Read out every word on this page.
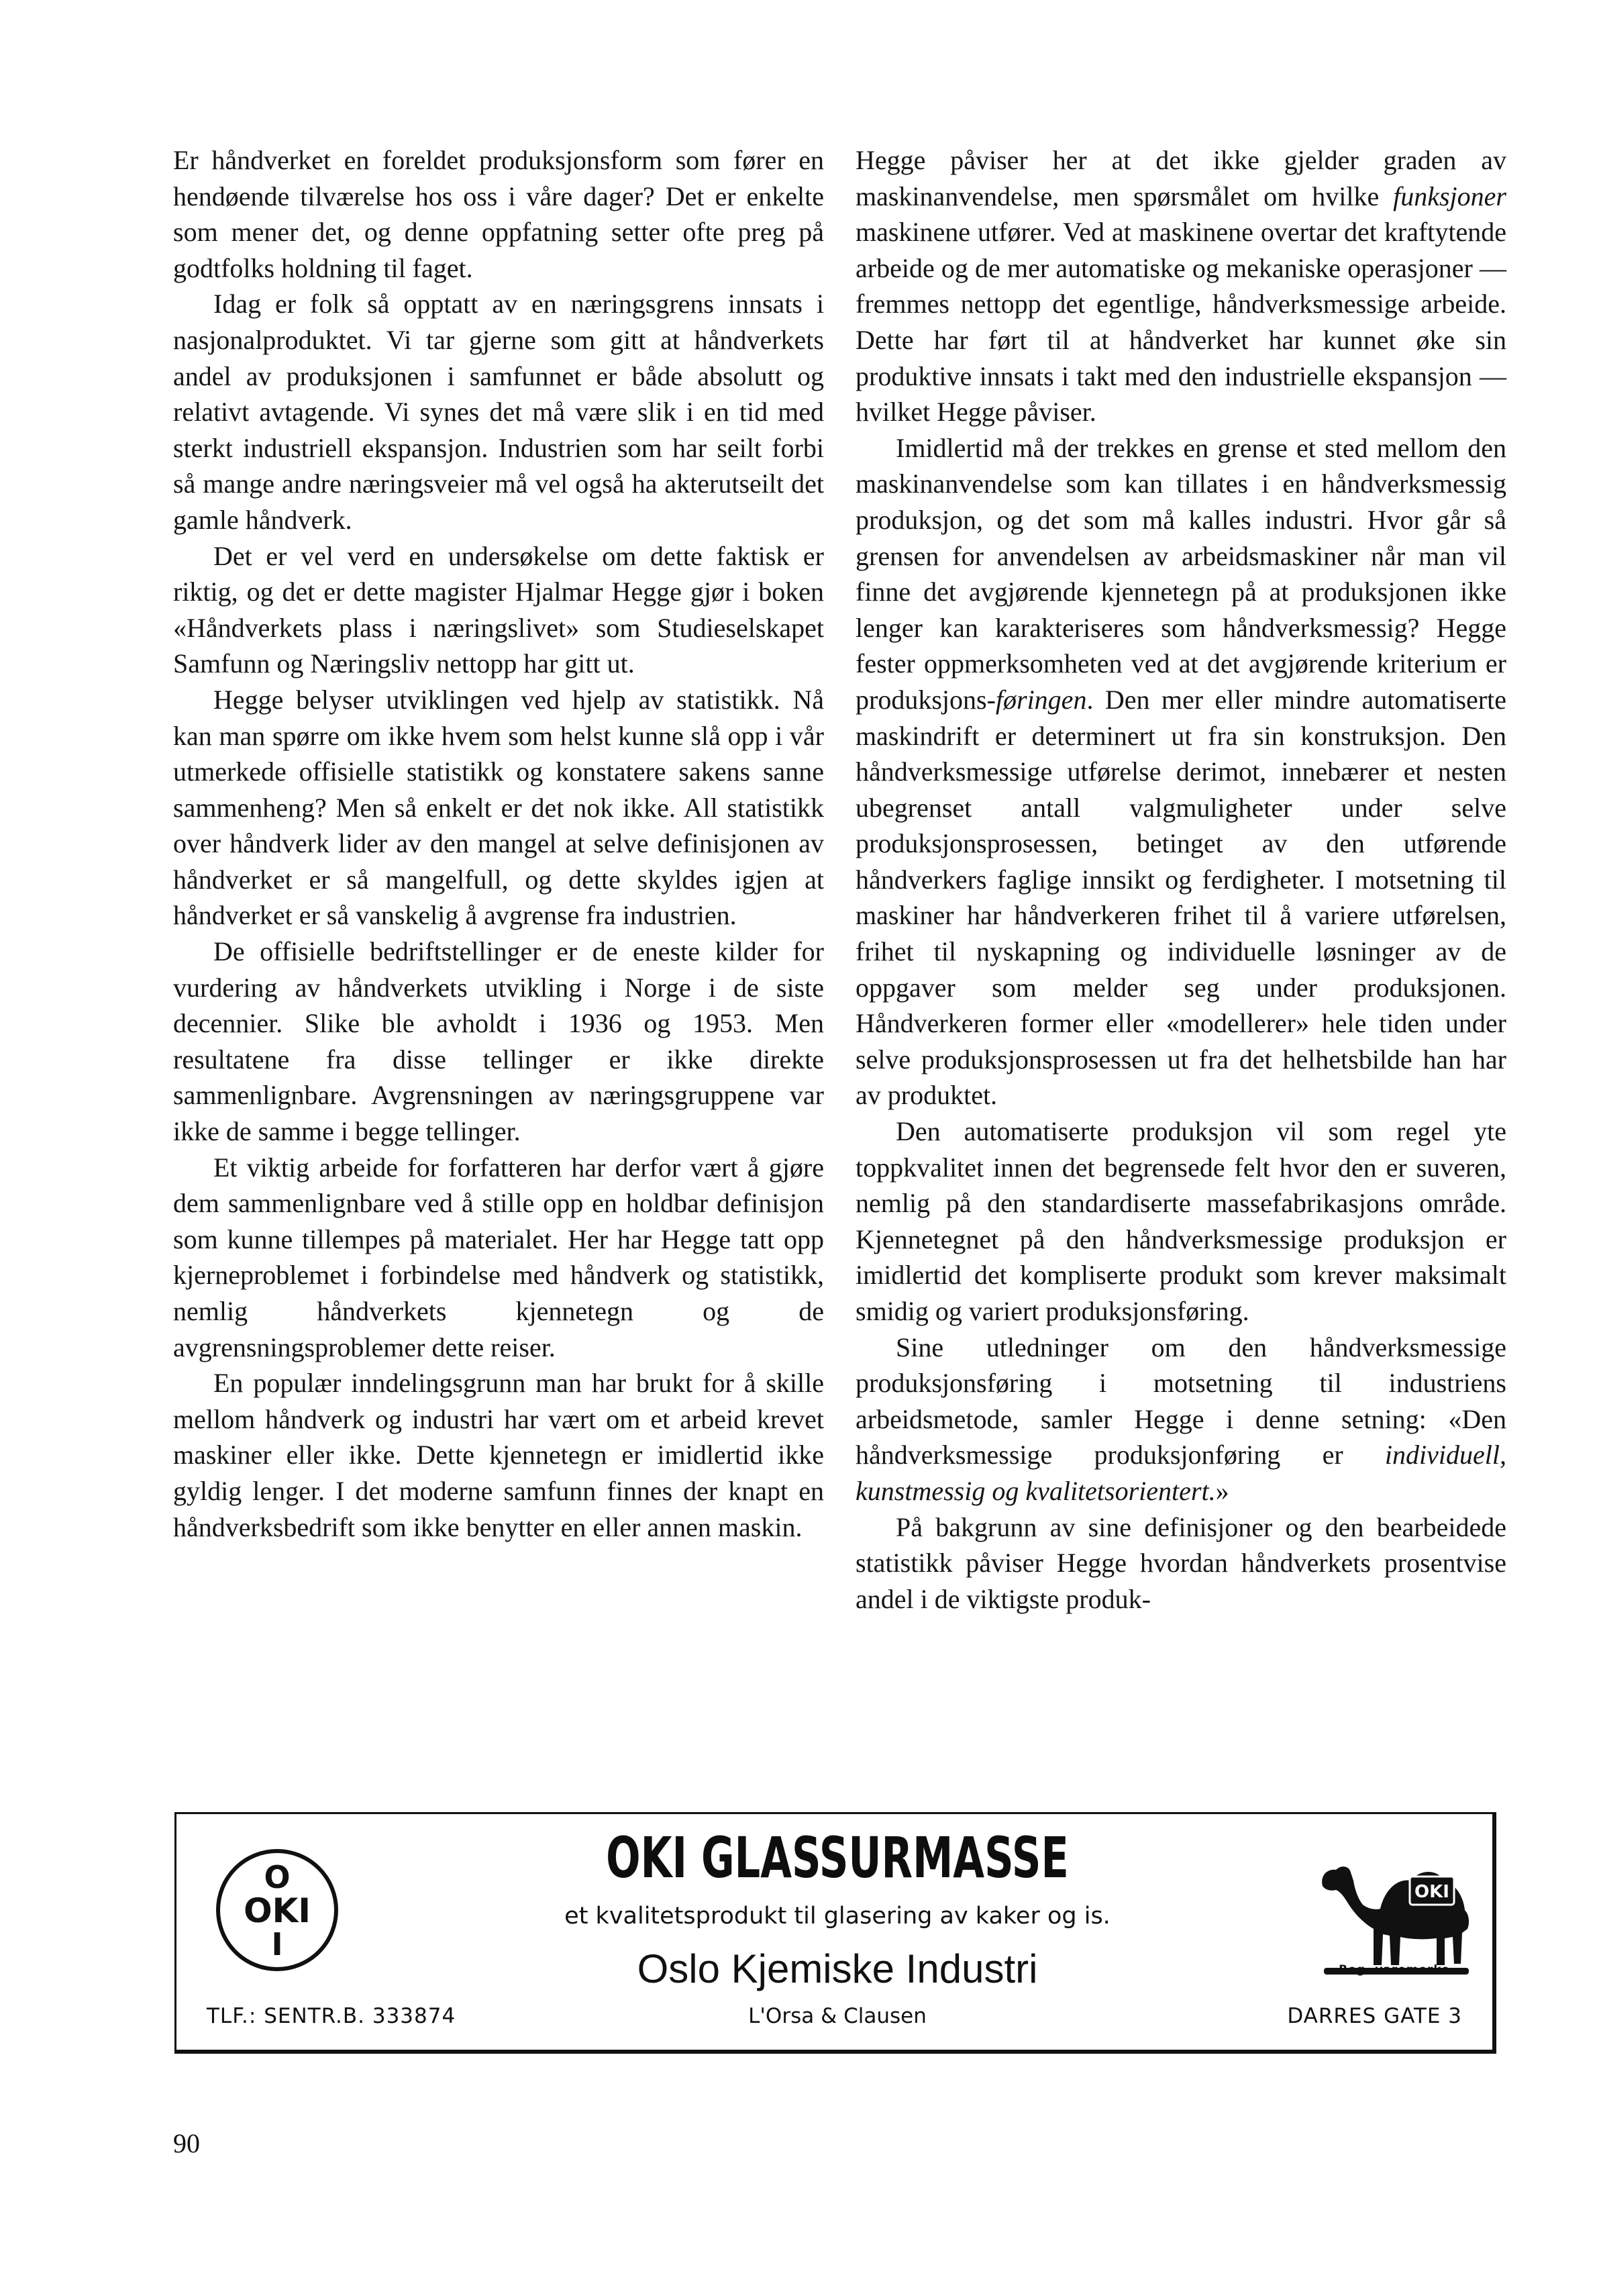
Er håndverket en foreldet produksjonsform som fører en hendøende tilværelse hos oss i våre dager? Det er enkelte som mener det, og denne oppfatning setter ofte preg på godtfolks holdning til faget.

Idag er folk så opptatt av en næringsgrens innsats i nasjonalproduktet. Vi tar gjerne som gitt at håndverkets andel av produksjonen i samfunnet er både absolutt og relativt avtagende. Vi synes det må være slik i en tid med sterkt industriell ekspansjon. Industrien som har seilt forbi så mange andre næringsveier må vel også ha akterutseilt det gamle håndverk.

Det er vel verd en undersøkelse om dette faktisk er riktig, og det er dette magister Hjalmar Hegge gjør i boken «Håndverkets plass i næringslivet» som Studieselskapet Samfunn og Næringsliv nettopp har gitt ut.

Hegge belyser utviklingen ved hjelp av statistikk. Nå kan man spørre om ikke hvem som helst kunne slå opp i vår utmerkede offisielle statistikk og konstatere sakens sanne sammenheng? Men så enkelt er det nok ikke. All statistikk over håndverk lider av den mangel at selve definisjonen av håndverket er så mangelfull, og dette skyldes igjen at håndverket er så vanskelig å avgrense fra industrien.

De offisielle bedriftstellinger er de eneste kilder for vurdering av håndverkets utvikling i Norge i de siste decennier. Slike ble avholdt i 1936 og 1953. Men resultatene fra disse tellinger er ikke direkte sammenlignbare. Avgrensningen av næringsgruppene var ikke de samme i begge tellinger.

Et viktig arbeide for forfatteren har derfor vært å gjøre dem sammenlignbare ved å stille opp en holdbar definisjon som kunne tillempes på materialet. Her har Hegge tatt opp kjerneproblemet i forbindelse med håndverk og statistikk, nemlig håndverkets kjennetegn og de avgrensningsproblemer dette reiser.

En populær inndelingsgrunn man har brukt for å skille mellom håndverk og industri har vært om et arbeid krevet maskiner eller ikke. Dette kjennetegn er imidlertid ikke gyldig lenger. I det moderne samfunn finnes der knapt en håndverksbedrift som ikke benytter en eller annen maskin.

Hegge påviser her at det ikke gjelder graden av maskinanvendelse, men spørsmålet om hvilke funksjoner maskinene utfører. Ved at maskinene overtar det kraftytende arbeide og de mer automatiske og mekaniske operasjoner — fremmes nettopp det egentlige, håndverksmessige arbeide. Dette har ført til at håndverket har kunnet øke sin produktive innsats i takt med den industrielle ekspansjon — hvilket Hegge påviser.

Imidlertid må der trekkes en grense et sted mellom den maskinanvendelse som kan tillates i en håndverksmessig produksjon, og det som må kalles industri. Hvor går så grensen for anvendelsen av arbeidsmaskiner når man vil finne det avgjørende kjennetegn på at produksjonen ikke lenger kan karakteriseres som håndverksmessig? Hegge fester oppmerksomheten ved at det avgjørende kriterium er produksjons-føringen. Den mer eller mindre automatiserte maskindrift er determinert ut fra sin konstruksjon. Den håndverksmessige utførelse derimot, innebærer et nesten ubegrenset antall valgmuligheter under selve produksjonsprosessen, betinget av den utførende håndverkers faglige innsikt og ferdigheter. I motsetning til maskiner har håndverkeren frihet til å variere utførelsen, frihet til nyskapning og individuelle løsninger av de oppgaver som melder seg under produksjonen. Håndverkeren former eller «modellerer» hele tiden under selve produksjonsprosessen ut fra det helhetsbilde han har av produktet.

Den automatiserte produksjon vil som regel yte toppkvalitet innen det begrensede felt hvor den er suveren, nemlig på den standardiserte massefabrikasjons område. Kjennetegnet på den håndverksmessige produksjon er imidlertid det kompliserte produkt som krever maksimalt smidig og variert produksjonsføring.

Sine utledninger om den håndverksmessige produksjonsføring i motsetning til industriens arbeidsmetode, samler Hegge i denne setning: «Den håndverksmessige produksjonføring er individuell, kunstmessig og kvalitetsorientert.»

På bakgrunn av sine definisjoner og den bearbeidede statistikk påviser Hegge hvordan håndverkets prosentvise andel i de viktigste produk-

O
OKI
I
OKI GLASSURMASSE
et kvalitetsprodukt til glasering av kaker og is.
Oslo Kjemiske Industri
OKI
Reg. varemerke
TLF.: SENTR.B. 333874	L'Orsa & Clausen	DARRES GATE 3
90
